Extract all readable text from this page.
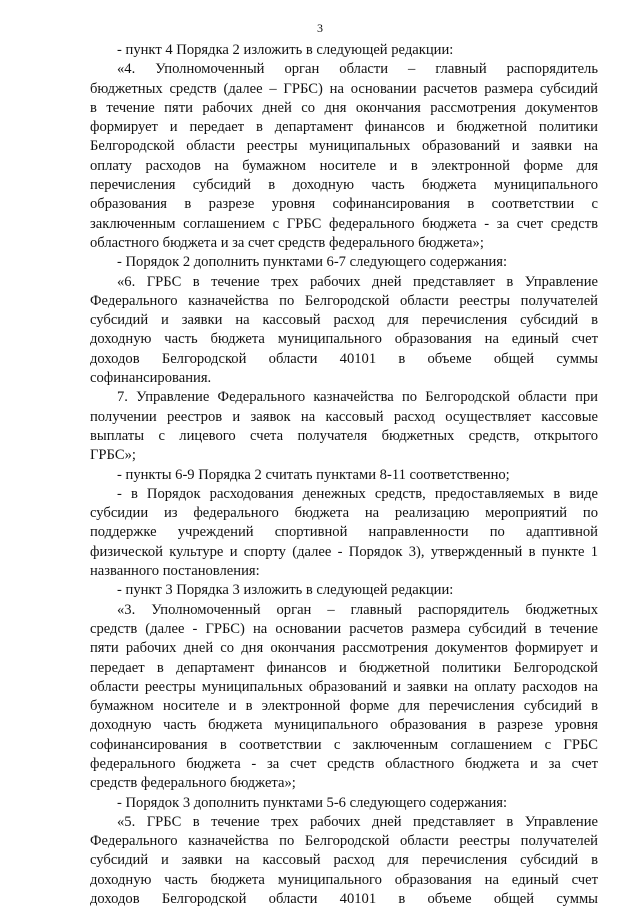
3
- пункт 4 Порядка 2 изложить в следующей редакции:
«4. Уполномоченный орган области – главный распорядитель
бюджетных средств (далее – ГРБС) на основании расчетов размера субсидий
в течение пяти рабочих дней со дня окончания рассмотрения документов
формирует и передает в департамент финансов и бюджетной политики
Белгородской области реестры муниципальных образований и заявки на
оплату расходов на бумажном носителе и в электронной форме для
перечисления субсидий в доходную часть бюджета муниципального
образования в разрезе уровня софинансирования в соответствии с
заключенным соглашением с ГРБС федерального бюджета - за счет средств
областного бюджета и за счет средств федерального бюджета»;
- Порядок 2 дополнить пунктами 6-7 следующего содержания:
«6. ГРБС в течение трех рабочих дней представляет в Управление
Федерального казначейства по Белгородской области реестры получателей
субсидий и заявки на кассовый расход для перечисления субсидий в
доходную часть бюджета муниципального образования на единый счет
доходов Белгородской области 40101 в объеме общей суммы
софинансирования.
7. Управление Федерального казначейства по Белгородской области при
получении реестров и заявок на кассовый расход осуществляет кассовые
выплаты с лицевого счета получателя бюджетных средств, открытого
ГРБС»;
- пункты 6-9 Порядка 2 считать пунктами 8-11 соответственно;
- в Порядок расходования денежных средств, предоставляемых в виде
субсидии из федерального бюджета на реализацию мероприятий по
поддержке учреждений спортивной направленности по адаптивной
физической культуре и спорту (далее - Порядок 3), утвержденный в пункте 1
названного постановления:
- пункт 3 Порядка 3 изложить в следующей редакции:
«3. Уполномоченный орган – главный распорядитель бюджетных
средств (далее - ГРБС) на основании расчетов размера субсидий в течение
пяти рабочих дней со дня окончания рассмотрения документов формирует и
передает в департамент финансов и бюджетной политики Белгородской
области реестры муниципальных образований и заявки на оплату расходов на
бумажном носителе и в электронной форме для перечисления субсидий в
доходную часть бюджета муниципального образования в разрезе уровня
софинансирования в соответствии с заключенным соглашением с ГРБС
федерального бюджета - за счет средств областного бюджета и за счет
средств федерального бюджета»;
- Порядок 3 дополнить пунктами 5-6 следующего содержания:
«5. ГРБС в течение трех рабочих дней представляет в Управление
Федерального казначейства по Белгородской области реестры получателей
субсидий и заявки на кассовый расход для перечисления субсидий в
доходную часть бюджета муниципального образования на единый счет
доходов Белгородской области 40101 в объеме общей суммы
